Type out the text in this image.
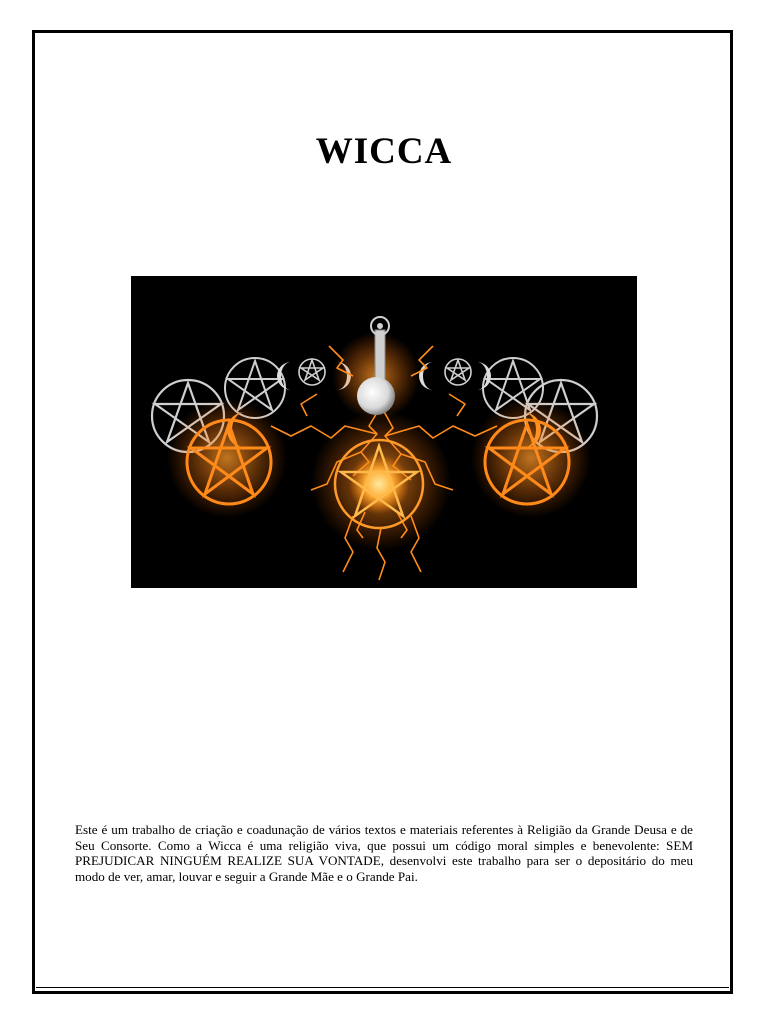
WICCA

Este é um trabalho de criação e coadunação de vários textos e materiais referentes à Religião da Grande Deusa e de Seu Consorte. Como a Wicca é uma religião viva, que possui um código moral simples e benevolente: SEM PREJUDICAR NINGUÉM REALIZE SUA VONTADE, desenvolvi este trabalho para ser o depositário do meu modo de ver, amar, louvar e seguir a Grande Mãe e o Grande Pai.
